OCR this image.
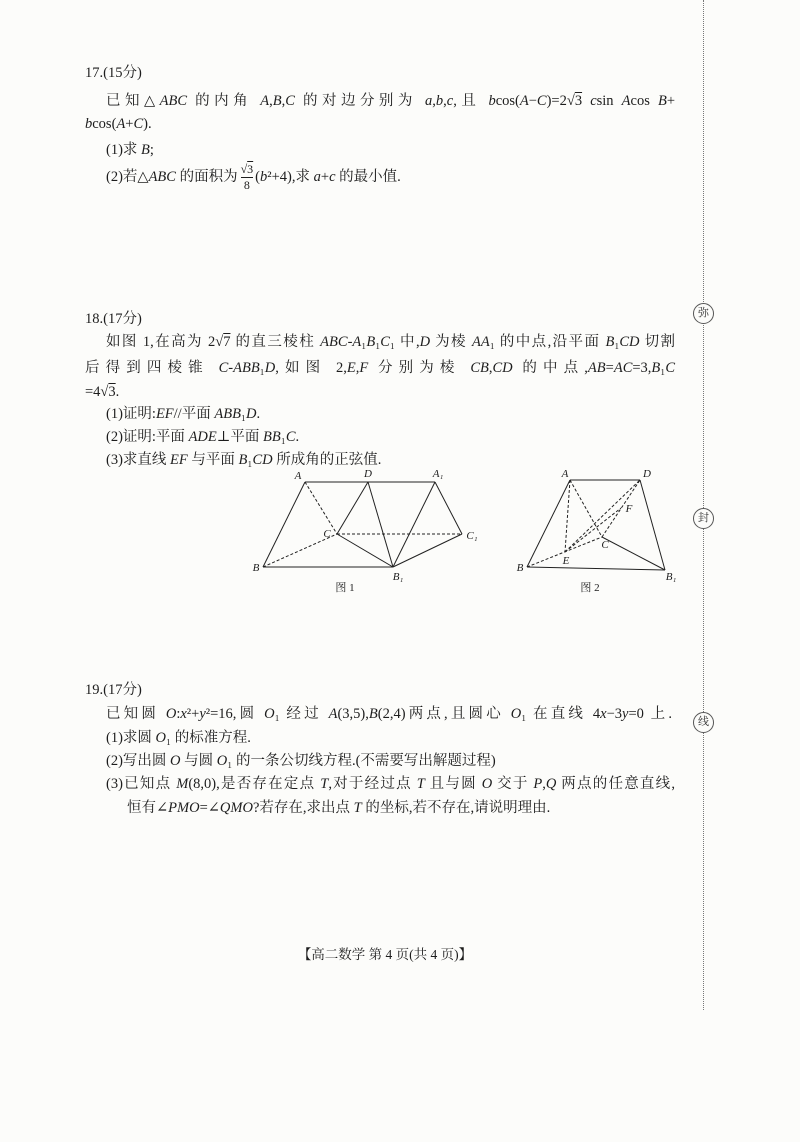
弥
封
线
17.(15分)
已知△ABC 的内角 A,B,C 的对边分别为 a,b,c,且 bcos(A−C)=2√3 csin Acos B+
bcos(A+C).
(1)求 B;
(2)若△ABC 的面积为 $\frac{√3}{8} (b^2+4)$,求 a+c 的最小值.
18.(17分)
如图 1,在高为 2√7 的直三棱柱 ABC-A₁B₁C₁ 中,D 为棱 AA₁ 的中点,沿平面 B₁CD 切割
后得到四棱锥 C-ABB₁D,如图 2,E,F 分别为棱 CB,CD 的中点,AB=AC=3,B₁C
=4√3.
(1)证明:EF//平面 ABB₁D.
(2)证明:平面 ADE⊥平面 BB₁C.
(3)求直线 EF 与平面 B₁CD 所成角的正弦值.
A	D	A₁
C	C₁
B
B₁
图 1
A	D
F
C
E
B
B₁
图 2
19.(17分)
已知圆 O:x²+y²=16,圆 O₁ 经过 A(3,5),B(2,4)两点,且圆心 O₁ 在直线 4x−3y=0 上.
(1)求圆 O₁ 的标准方程.
(2)写出圆 O 与圆 O₁ 的一条公切线方程.(不需要写出解题过程)
(3)已知点 M(8,0),是否存在定点 T,对于经过点 T 且与圆 O 交于 P,Q 两点的任意直线,
恒有∠PMO=∠QMO?若存在,求出点 T 的坐标,若不存在,请说明理由.
【高二数学 第 4 页(共 4 页)】
